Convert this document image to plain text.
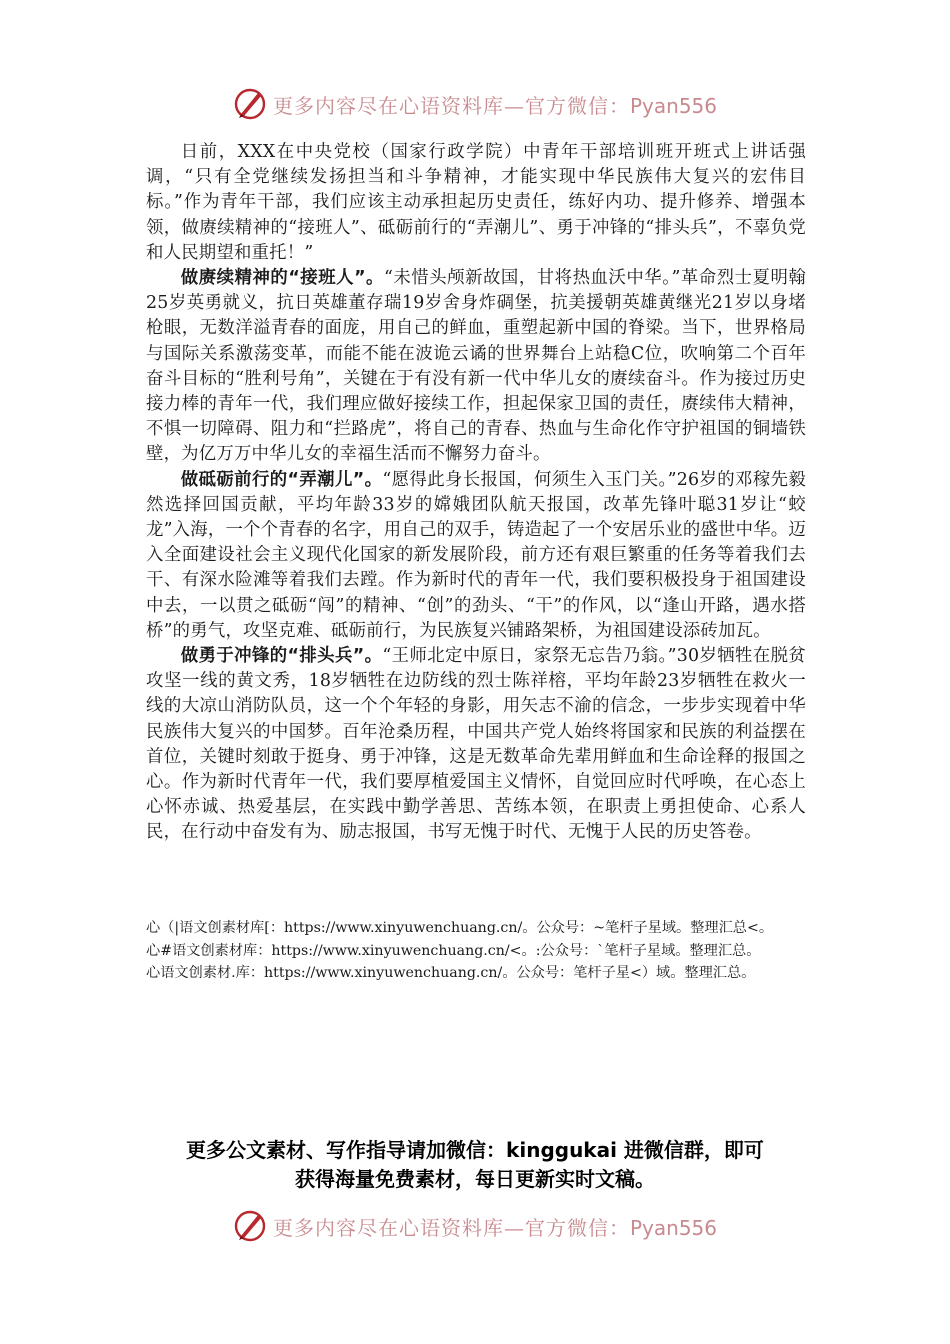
更多内容尽在心语资料库—官方微信：Pyan556

日前，XXX在中央党校（国家行政学院）中青年干部培训班开班式上讲话强调，“只有全党继续发扬担当和斗争精神，才能实现中华民族伟大复兴的宏伟目标。”作为青年干部，我们应该主动承担起历史责任，练好内功、提升修养、增强本领，做赓续精神的“接班人”、砥砺前行的“弄潮儿”、勇于冲锋的“排头兵”，不辜负党和人民期望和重托！”

做赓续精神的“接班人”。“未惜头颅新故国，甘将热血沃中华。”革命烈士夏明翰25岁英勇就义，抗日英雄董存瑞19岁舍身炸碉堡，抗美援朝英雄黄继光21岁以身堵枪眼，无数洋溢青春的面庞，用自己的鲜血，重塑起新中国的脊梁。当下，世界格局与国际关系激荡变革，而能不能在波诡云谲的世界舞台上站稳C位，吹响第二个百年奋斗目标的“胜利号角”，关键在于有没有新一代中华儿女的赓续奋斗。作为接过历史接力棒的青年一代，我们理应做好接续工作，担起保家卫国的责任，赓续伟大精神，不惧一切障碍、阻力和“拦路虎”，将自己的青春、热血与生命化作守护祖国的铜墙铁壁，为亿万万中华儿女的幸福生活而不懈努力奋斗。

做砥砺前行的“弄潮儿”。“愿得此身长报国，何须生入玉门关。”26岁的邓稼先毅然选择回国贡献，平均年龄33岁的嫦娥团队航天报国，改革先锋叶聪31岁让“蛟龙”入海，一个个青春的名字，用自己的双手，铸造起了一个安居乐业的盛世中华。迈入全面建设社会主义现代化国家的新发展阶段，前方还有艰巨繁重的任务等着我们去干、有深水险滩等着我们去蹚。作为新时代的青年一代，我们要积极投身于祖国建设中去，一以贯之砥砺“闯”的精神、“创”的劲头、“干”的作风，以“逢山开路，遇水搭桥”的勇气，攻坚克难、砥砺前行，为民族复兴铺路架桥，为祖国建设添砖加瓦。

做勇于冲锋的“排头兵”。“王师北定中原日，家祭无忘告乃翁。”30岁牺牲在脱贫攻坚一线的黄文秀，18岁牺牲在边防线的烈士陈祥榕，平均年龄23岁牺牲在救火一线的大凉山消防队员，这一个个年轻的身影，用矢志不渝的信念，一步步实现着中华民族伟大复兴的中国梦。百年沧桑历程，中国共产党人始终将国家和民族的利益摆在首位，关键时刻敢于挺身、勇于冲锋，这是无数革命先辈用鲜血和生命诠释的报国之心。作为新时代青年一代，我们要厚植爱国主义情怀，自觉回应时代呼唤，在心态上心怀赤诚、热爱基层，在实践中勤学善思、苦练本领，在职责上勇担使命、心系人民，在行动中奋发有为、励志报国，书写无愧于时代、无愧于人民的历史答卷。

心（|语文创素材库[：https://www.xinyuwenchuang.cn/。公众号：~笔杆子星域。整理汇总<。
心#语文创素材库：https://www.xinyuwenchuang.cn/<。:公众号：`笔杆子星域。整理汇总。
心语文创素材.库：https://www.xinyuwenchuang.cn/。公众号：笔杆子星<）域。整理汇总。
更多公文素材、写作指导请加微信：kinggukai 进微信群，即可
获得海量免费素材，每日更新实时文稿。
更多内容尽在心语资料库—官方微信：Pyan556
